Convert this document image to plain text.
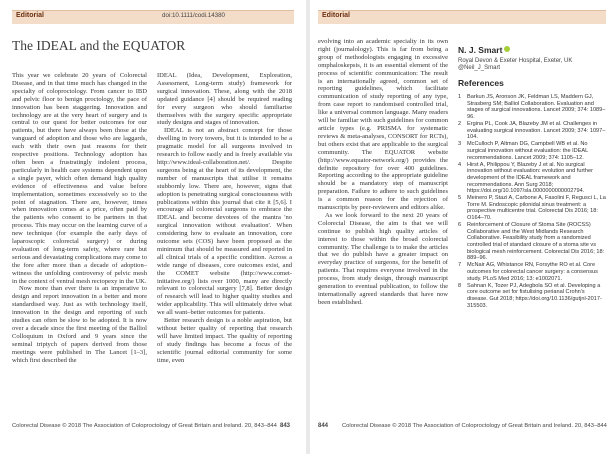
Editorial	doi:10.1111/codi.14380
The IDEAL and the EQUATOR

This year we celebrate 20 years of Colorectal Disease, and in that time much has changed in the specialty of coloproctology. From cancer to IBD and pelvic floor to benign proctology, the pace of innovation has been staggering. Innovation and technology are at the very heart of surgery and is central to our quest for better outcomes for our patients, but there have always been those at the vanguard of adoption and those who are laggards, each with their own just reasons for their respective positions. Technology adoption has often been a frustratingly indolent process, particularly in health care systems dependent upon a single payer, which often demand high quality evidence of effectiveness and value before implementation, sometimes excessively so to the point of stagnation. There are, however, times when innovation comes at a price, often paid by the patients who consent to be partners in that process. This may occur on the learning curve of a new technique (for example the early days of laparoscopic colorectal surgery) or during evaluation of long-term safety, where rare but serious and devastating complications may come to the fore after more than a decade of adoption–witness the unfolding controversy of pelvic mesh in the context of ventral mesh rectopexy in the UK.

Now more than ever there is an imperative to design and report innovation in a better and more standardised way. Just as with technology itself, innovation in the design and reporting of such studies can often be slow to be adopted. It is now over a decade since the first meeting of the Balliol Colloquium in Oxford and 9 years since the seminal triptych of papers derived from those meetings were published in The Lancet [1–3], which first described the

IDEAL (Idea, Development, Exploration, Assessment, Long-term study) framework for surgical innovation. These, along with the 2018 updated guidance [4] should be required reading for every surgeon who should familiarise themselves with the surgery specific appropriate study designs and stages of innovation.

IDEAL is not an abstract concept for those dwelling in ivory towers, but it is intended to be a pragmatic model for all surgeons involved in research to follow easily and is freely available via http://www.ideal-collaboration.net/. Despite surgeons being at the heart of its development, the number of manuscripts that utilise it remains stubbornly low. There are, however, signs that adoption is penetrating surgical consciousness with publications within this journal that cite it [5,6]. I encourage all colorectal surgeons to embrace the IDEAL and become devotees of the mantra 'no surgical innovation without evaluation'. When considering how to evaluate an innovation, core outcome sets (COS) have been proposed as the minimum that should be measured and reported in all clinical trials of a specific condition. Across a wide range of diseases, core outcomes exist, and the COMET website (http://www.comet-initiative.org/) lists over 1000, many are directly relevant to colorectal surgery [7,8]. Better design of research will lead to higher quality studies and wider applicability. This will ultimately drive what we all want–better outcomes for patients.

Better research design is a noble aspiration, but without better quality of reporting that research will have limited impact. The quality of reporting of study findings has become a focus of the scientific journal editorial community for some time, even

Colorectal Disease © 2018 The Association of Coloproctology of Great Britain and Ireland. 20, 843–844 843
Editorial

evolving into an academic specialty in its own right (journalology). This is far from being a group of methodologists engaging in excessive omphaloskepsis, it is an essential element of the process of scientific communication: The result is an internationally agreed, common set of reporting guidelines, which facilitate communication of study reporting of any type, from case report to randomised controlled trial, like a universal common language. Many readers will be familiar with such guidelines for common article types (e.g. PRISMA for systematic reviews & meta-analyses, CONSORT for RCTs), but others exist that are applicable to the surgical community. The EQUATOR website (http://www.equator-network.org/) provides the definite repository for over 400 guidelines. Reporting according to the appropriate guideline should be a mandatory step of manuscript preparation. Failure to adhere to such guidelines is a common reason for the rejection of manuscripts by peer-reviewers and editors alike.

As we look forward to the next 20 years of Colorectal Disease, the aim is that we will continue to publish high quality articles of interest to those within the broad colorectal community. The challenge is to make the articles that we do publish have a greater impact on everyday practice of surgeons, for the benefit of patients. That requires everyone involved in the process, from study design, through manuscript generation to eventual publication, to follow the internationally agreed standards that have now been established.

N. J. Smart
Royal Devon & Exeter Hospital, Exeter, UK
@Neil_J_Smart
References
1 Barkun JS, Aronson JK, Feldman LS, Maddern GJ, Strasberg SM; Balliol Collaboration. Evaluation and stages of surgical innovations. Lancet 2009; 374: 1089–96.
2 Ergina PL, Cook JA, Blazeby JM et al. Challenges in evaluating surgical innovation. Lancet 2009; 374: 1097–104.
3 McCulloch P, Altman DG, Campbell WB et al. No surgical innovation without evaluation: the IDEAL recommendations. Lancet 2009; 374: 1105–12.
4 Hirst A, Philippou Y, Blazeby J et al. No surgical innovation without evaluation: evolution and further development of the IDEAL framework and recommendations. Ann Surg 2018; https://doi.org/10.1097/sla.0000000000002794.
5 Meinero P, Stazi A, Carbone A, Fasolini F, Regusci L, La Torre M. Endoscopic pilonidal sinus treatment: a prospective multicentre trial. Colorectal Dis 2016; 18: O164–70.
6 Reinforcement of Closure of Stoma Site (ROCSS) Collaborative and the West Midlands Research Collaborative. Feasibility study from a randomized controlled trial of standard closure of a stoma site vs biological mesh reinforcement. Colorectal Dis 2016; 18: 889–96.
7 McNair AG, Whistance RN, Forsythe RO et al. Core outcomes for colorectal cancer surgery: a consensus study. PLoS Med 2016; 13: e1002071.
8 Sahnan K, Tozer PJ, Adegbola SO et al. Developing a core outcome set for fistulising perianal Crohn's disease. Gut 2018; https://doi.org/10.1136/gutjnl-2017-315503.
844 Colorectal Disease © 2018 The Association of Coloproctology of Great Britain and Ireland. 20, 843–844
